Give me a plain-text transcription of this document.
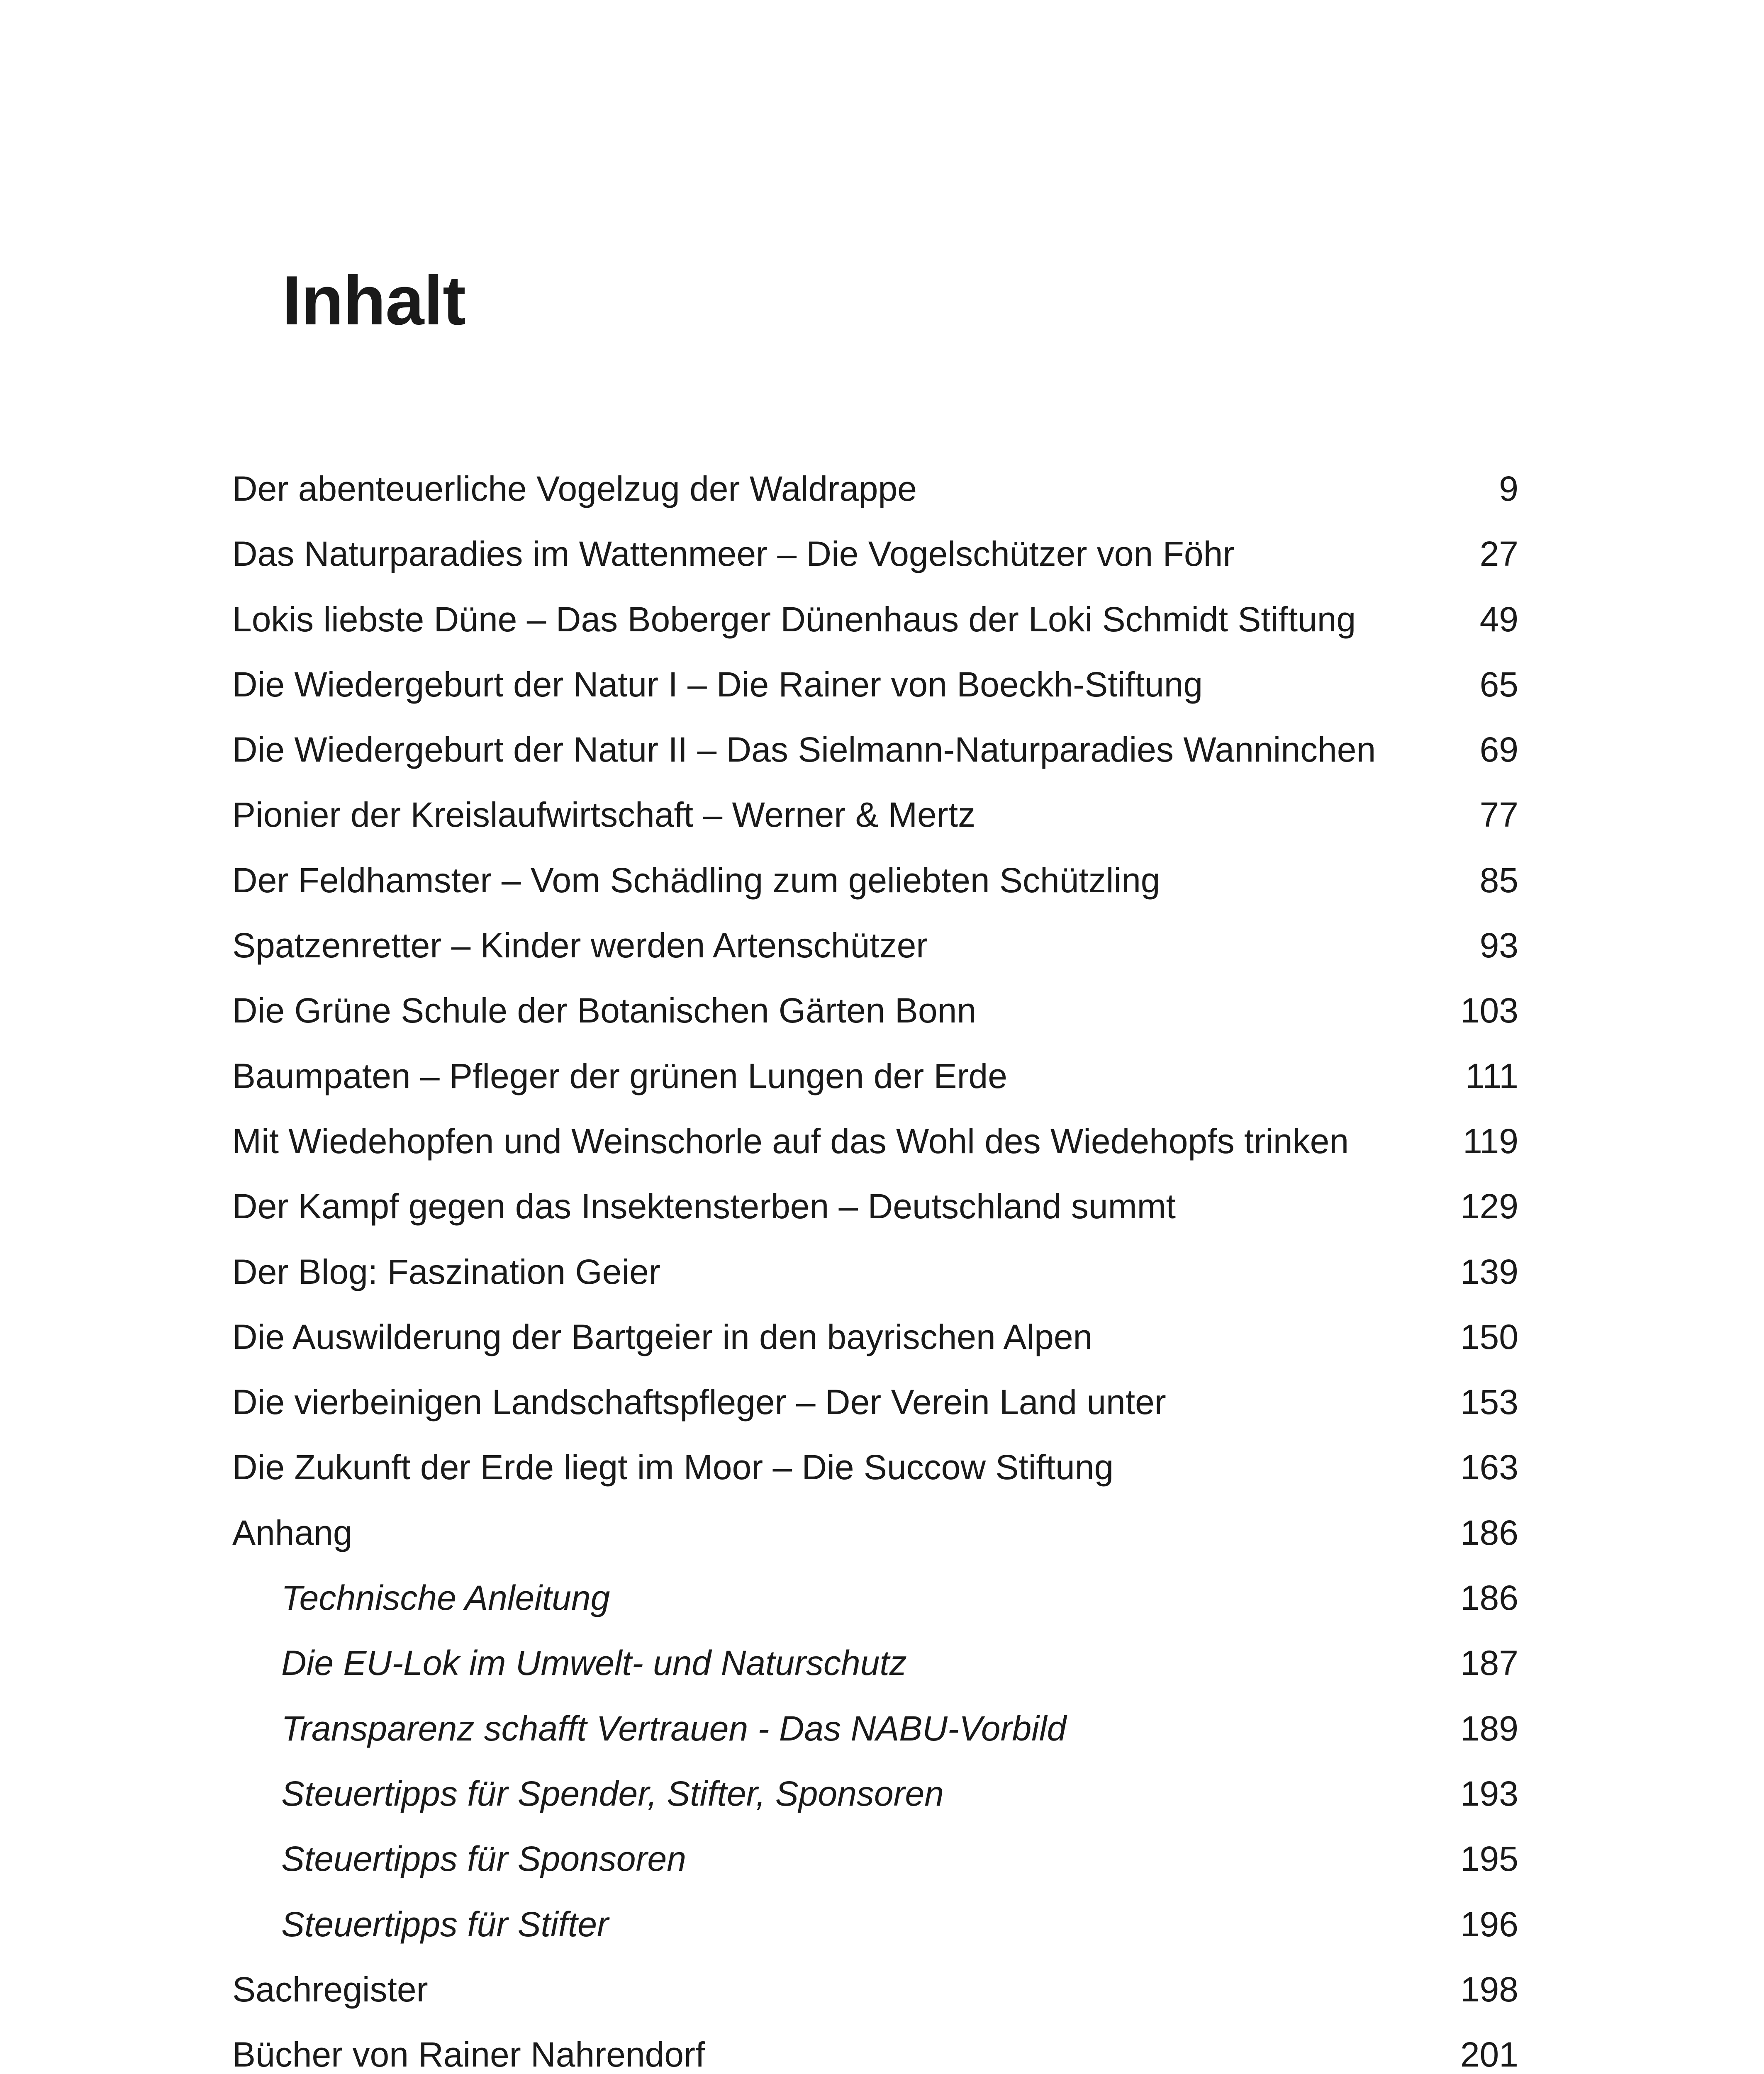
Inhalt
Der abenteuerliche Vogelzug der Waldrappe	9
Das Naturparadies im Wattenmeer – Die Vogelschützer von Föhr	27
Lokis liebste Düne – Das Boberger Dünenhaus der Loki Schmidt Stiftung	49
Die Wiedergeburt der Natur I – Die Rainer von Boeckh-Stiftung	65
Die Wiedergeburt der Natur II – Das Sielmann-Naturparadies Wanninchen	69
Pionier der Kreislaufwirtschaft – Werner & Mertz	77
Der Feldhamster – Vom Schädling zum geliebten Schützling	85
Spatzenretter – Kinder werden Artenschützer	93
Die Grüne Schule der Botanischen Gärten Bonn	103
Baumpaten – Pfleger der grünen Lungen der Erde	111
Mit Wiedehopfen und Weinschorle auf das Wohl des Wiedehopfs trinken	119
Der Kampf gegen das Insektensterben – Deutschland summt	129
Der Blog: Faszination Geier	139
Die Auswilderung der Bartgeier in den bayrischen Alpen	150
Die vierbeinigen Landschaftspfleger – Der Verein Land unter	153
Die Zukunft der Erde liegt im Moor – Die Succow Stiftung	163
Anhang	186
Technische Anleitung	186
Die EU-Lok im Umwelt- und Naturschutz	187
Transparenz schafft Vertrauen - Das NABU-Vorbild	189
Steuertipps für Spender, Stifter, Sponsoren	193
Steuertipps für Sponsoren	195
Steuertipps für Stifter	196
Sachregister	198
Bücher von Rainer Nahrendorf	201
